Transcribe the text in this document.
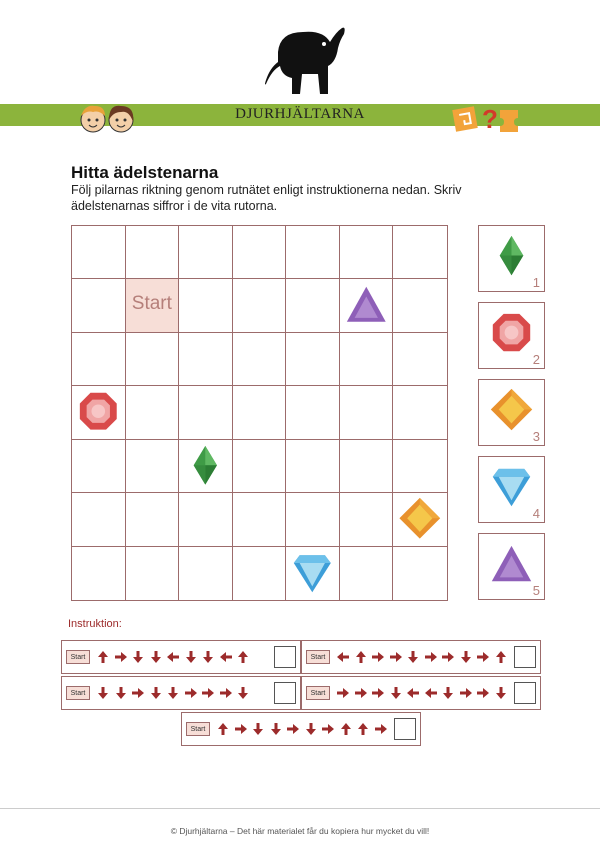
DJURHJÄLTARNA	?
Hitta ädelstenarna
Följ pilarnas riktning genom rutnätet enligt instruktionerna nedan. Skriv ädelstenarnas siffror i de vita rutorna.
Start
1
2
3
4
5
Instruktion:
Start	Start
Start	Start
Start
© Djurhjältarna – Det här materialet får du kopiera hur mycket du vill!
